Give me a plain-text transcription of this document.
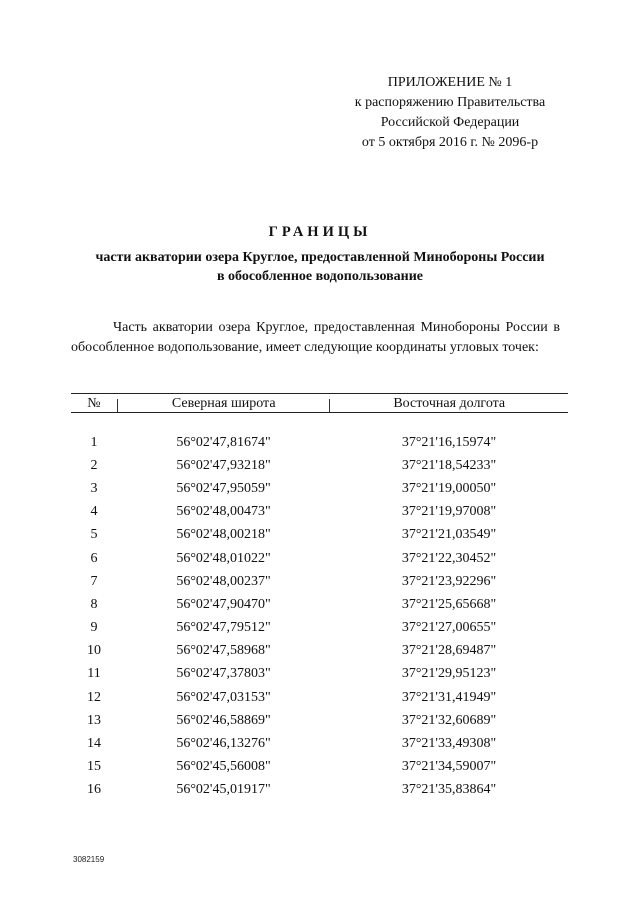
ПРИЛОЖЕНИЕ № 1
к распоряжению Правительства
Российской Федерации
от 5 октября 2016 г. № 2096-р
ГРАНИЦЫ
части акватории озера Круглое, предоставленной Минобороны России
в обособленное водопользование
Часть акватории озера Круглое, предоставленная Минобороны России в обособленное водопользование, имеет следующие координаты угловых точек:
№	Северная широта	Восточная долгота
1	56°02'47,81674"	37°21'16,15974"
2	56°02'47,93218"	37°21'18,54233"
3	56°02'47,95059"	37°21'19,00050"
4	56°02'48,00473"	37°21'19,97008"
5	56°02'48,00218"	37°21'21,03549"
6	56°02'48,01022"	37°21'22,30452"
7	56°02'48,00237"	37°21'23,92296"
8	56°02'47,90470"	37°21'25,65668"
9	56°02'47,79512"	37°21'27,00655"
10	56°02'47,58968"	37°21'28,69487"
11	56°02'47,37803"	37°21'29,95123"
12	56°02'47,03153"	37°21'31,41949"
13	56°02'46,58869"	37°21'32,60689"
14	56°02'46,13276"	37°21'33,49308"
15	56°02'45,56008"	37°21'34,59007"
16	56°02'45,01917"	37°21'35,83864"
3082159
